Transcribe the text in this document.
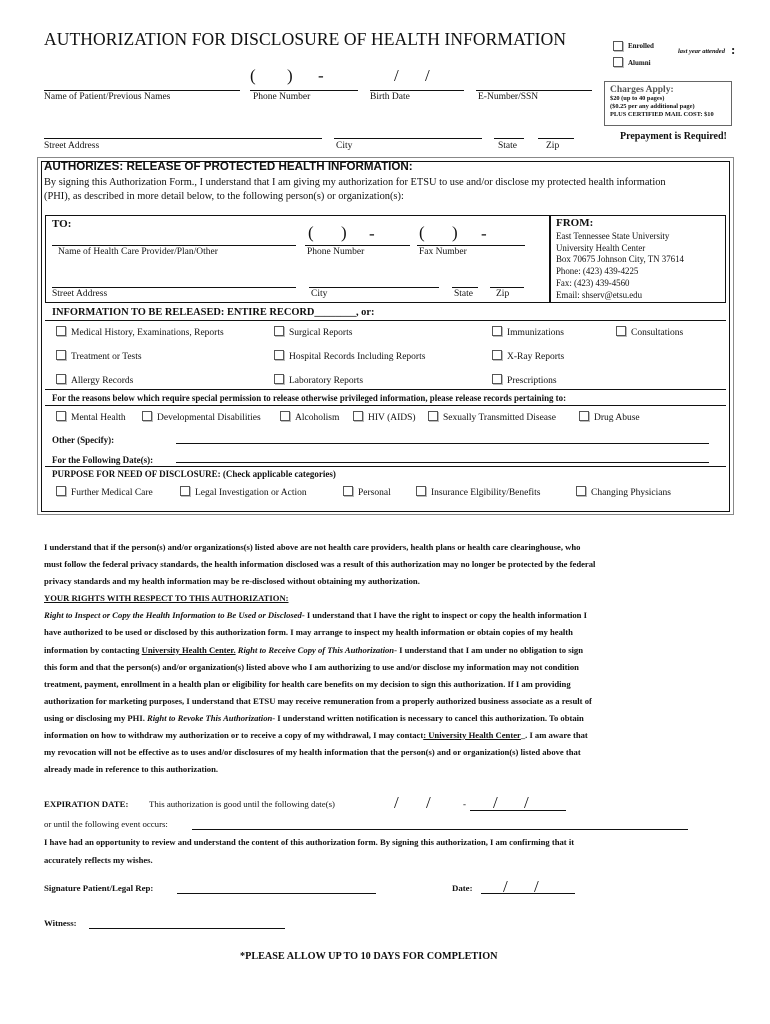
AUTHORIZATION FOR DISCLOSURE OF HEALTH INFORMATION	Enrolled
Alumni
last year attended :
( ) -	/ /
Name of Patient/Previous Names	Phone Number	Birth Date	E-Number/SSN
Street Address	City	State	Zip
Charges Apply:
$20 (up to 40 pages)
($0.25 per any additional page)
PLUS CERTIFIED MAIL COST: $10
Prepayment is Required!
AUTHORIZES: RELEASE OF PROTECTED HEALTH INFORMATION:
By signing this Authorization Form., I understand that I am giving my authorization for ETSU to use and/or disclose my protected health information
(PHI), as described in more detail below, to the following person(s) or organization(s):
TO:	( ) -	( ) -
Name of Health Care Provider/Plan/Other	Phone Number	Fax Number
Street Address	City	State Zip
FROM:
East Tennessee State University
University Health Center
Box 70675 Johnson City, TN 37614
Phone: (423) 439-4225
Fax: (423) 439-4560
Email: shserv@etsu.edu
INFORMATION TO BE RELEASED: ENTIRE RECORD________, or:
Medical History, Examinations, Reports	Surgical Reports	Immunizations	Consultations
Treatment or Tests	Hospital Records Including Reports	X-Ray Reports
Allergy Records	Laboratory Reports	Prescriptions
For the reasons below which require special permission to release otherwise privileged information, please release records pertaining to:
Mental Health	Developmental Disabilities	Alcoholism	HIV (AIDS)	Sexually Transmitted Disease	Drug Abuse
Other (Specify):
For the Following Date(s):
PURPOSE FOR NEED OF DISCLOSURE: (Check applicable categories)
Further Medical Care	Legal Investigation or Action	Personal	Insurance Elgibility/Benefits	Changing Physicians

I understand that if the person(s) and/or organizations(s) listed above are not health care providers, health plans or health care clearinghouse, who

must follow the federal privacy standards, the health information disclosed was a result of this authorization may no longer be protected by the federal

privacy standards and my health information may be re-disclosed without obtaining my authorization.

YOUR RIGHTS WITH RESPECT TO THIS AUTHORIZATION:

Right to Inspect or Copy the Health Information to Be Used or Disclosed- I understand that I have the right to inspect or copy the health information I

have authorized to be used or disclosed by this authorization form. I may arrange to inspect my health information or obtain copies of my health

information by contacting University Health Center. Right to Receive Copy of This Authorization- I understand that I am under no obligation to sign

this form and that the person(s) and/or organization(s) listed above who I am authorizing to use and/or disclose my information may not condition

treatment, payment, enrollment in a health plan or eligibility for health care benefits on my decision to sign this authorization. If I am providing

authorization for marketing purposes, I understand that ETSU may receive remuneration from a properly authorized business associate as a result of

using or disclosing my PHI. Right to Revoke This Authorization- I understand written notification is necessary to cancel this authorization. To obtain

information on how to withdraw my authorization or to receive a copy of my withdrawal, I may contact: University Health Center_. I am aware that

my revocation will not be effective as to uses and/or disclosures of my health information that the person(s) and or organization(s) listed above that

already made in reference to this authorization.

EXPIRATION DATE: This authorization is good until the following date(s)	/ /	- / /
or until the following event occurs:
I have had an opportunity to review and understand the content of this authorization form. By signing this authorization, I am confirming that it
accurately reflects my wishes.
Signature Patient/Legal Rep:	Date: / /
Witness:
*PLEASE ALLOW UP TO 10 DAYS FOR COMPLETION
